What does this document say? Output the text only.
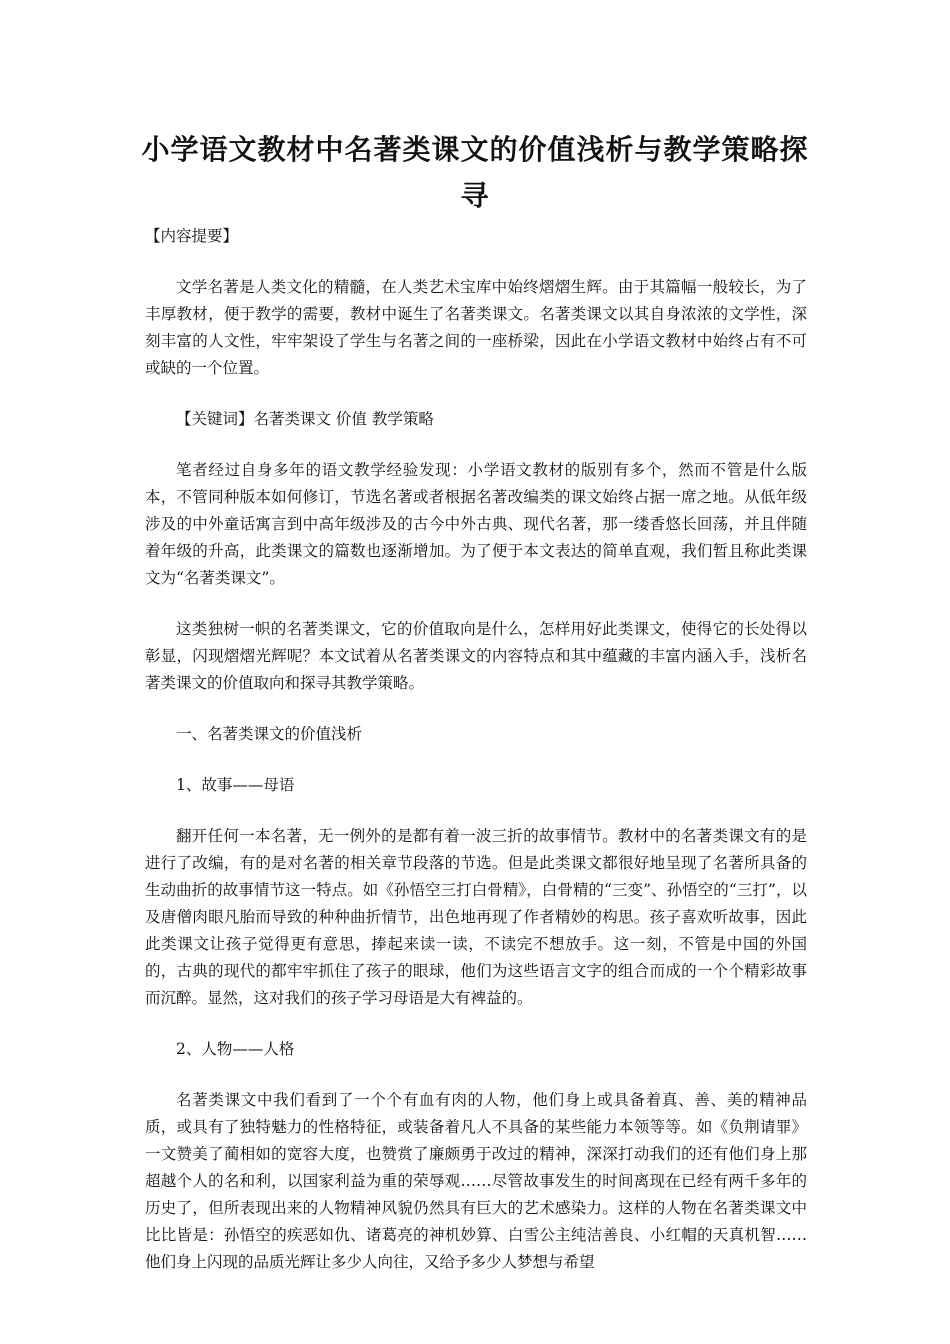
小学语文教材中名著类课文的价值浅析与教学策略探寻

【内容提要】

文学名著是人类文化的精髓，在人类艺术宝库中始终熠熠生辉。由于其篇幅一般较长，为了丰厚教材，便于教学的需要，教材中诞生了名著类课文。名著类课文以其自身浓浓的文学性，深刻丰富的人文性，牢牢架设了学生与名著之间的一座桥梁，因此在小学语文教材中始终占有不可或缺的一个位置。

【关键词】名著类课文 价值 教学策略

笔者经过自身多年的语文教学经验发现：小学语文教材的版别有多个，然而不管是什么版本，不管同种版本如何修订，节选名著或者根据名著改编类的课文始终占据一席之地。从低年级涉及的中外童话寓言到中高年级涉及的古今中外古典、现代名著，那一缕香悠长回荡，并且伴随着年级的升高，此类课文的篇数也逐渐增加。为了便于本文表达的简单直观，我们暂且称此类课文为“名著类课文”。

这类独树一帜的名著类课文，它的价值取向是什么，怎样用好此类课文，使得它的长处得以彰显，闪现熠熠光辉呢？本文试着从名著类课文的内容特点和其中蕴藏的丰富内涵入手，浅析名著类课文的价值取向和探寻其教学策略。

一、名著类课文的价值浅析

1、故事——母语

翻开任何一本名著，无一例外的是都有着一波三折的故事情节。教材中的名著类课文有的是进行了改编，有的是对名著的相关章节段落的节选。但是此类课文都很好地呈现了名著所具备的生动曲折的故事情节这一特点。如《孙悟空三打白骨精》，白骨精的“三变”、孙悟空的“三打”，以及唐僧肉眼凡胎而导致的种种曲折情节，出色地再现了作者精妙的构思。孩子喜欢听故事，因此此类课文让孩子觉得更有意思，捧起来读一读，不读完不想放手。这一刻，不管是中国的外国的，古典的现代的都牢牢抓住了孩子的眼球，他们为这些语言文字的组合而成的一个个精彩故事而沉醉。显然，这对我们的孩子学习母语是大有裨益的。

2、人物——人格

名著类课文中我们看到了一个个有血有肉的人物，他们身上或具备着真、善、美的精神品质，或具有了独特魅力的性格特征，或装备着凡人不具备的某些能力本领等等。如《负荆请罪》一文赞美了蔺相如的宽容大度，也赞赏了廉颇勇于改过的精神，深深打动我们的还有他们身上那超越个人的名和利，以国家利益为重的荣辱观……尽管故事发生的时间离现在已经有两千多年的历史了，但所表现出来的人物精神风貌仍然具有巨大的艺术感染力。这样的人物在名著类课文中比比皆是：孙悟空的疾恶如仇、诸葛亮的神机妙算、白雪公主纯洁善良、小红帽的天真机智……他们身上闪现的品质光辉让多少人向往，又给予多少人梦想与希望
